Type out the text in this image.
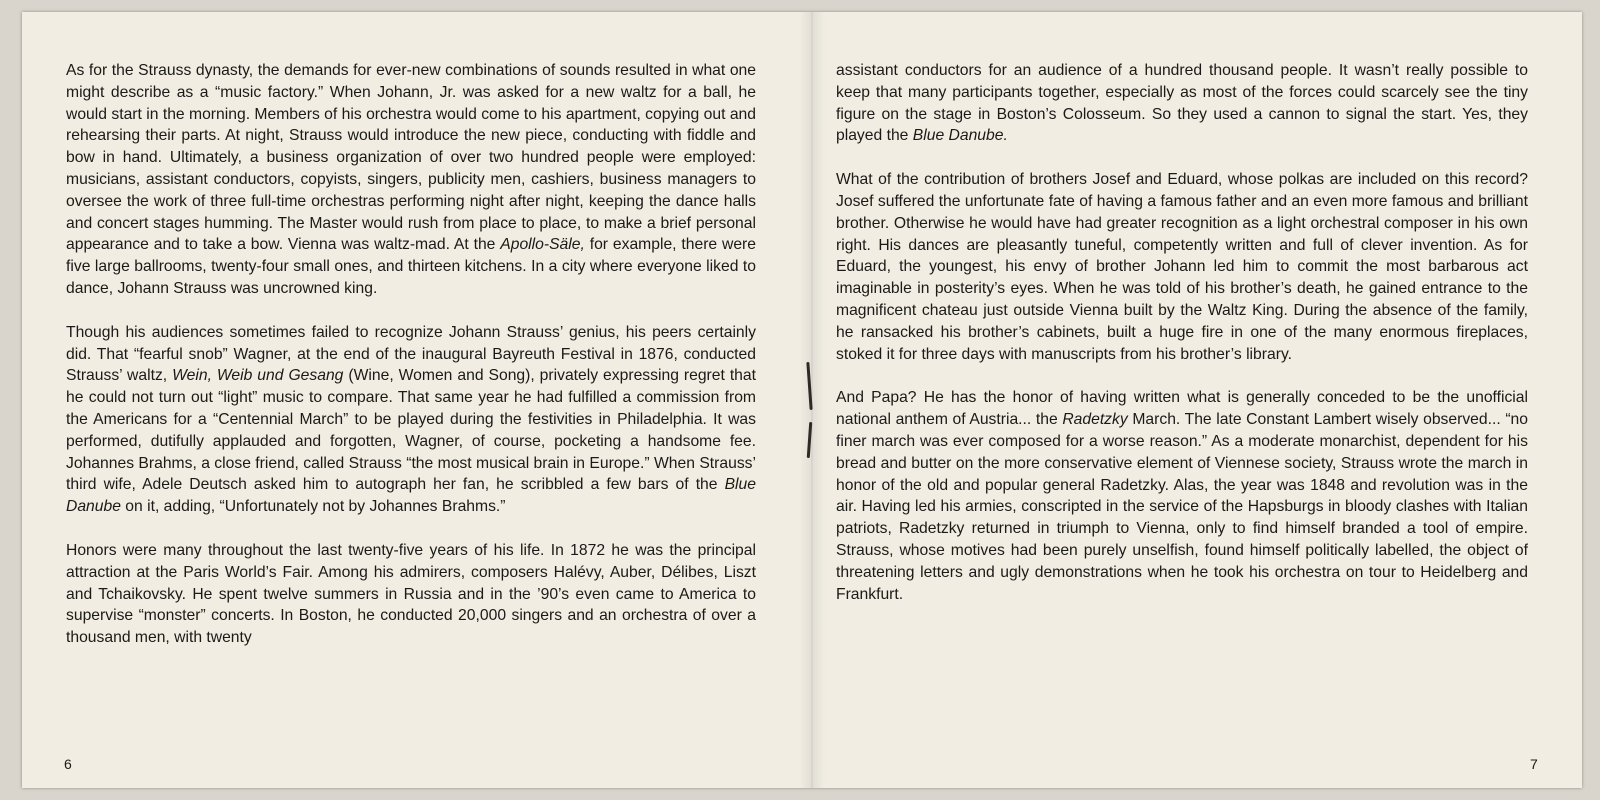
As for the Strauss dynasty, the demands for ever-new combinations of sounds resulted in what one might describe as a “music factory.” When Johann, Jr. was asked for a new waltz for a ball, he would start in the morning. Members of his orchestra would come to his apartment, copying out and rehearsing their parts. At night, Strauss would introduce the new piece, conducting with fiddle and bow in hand. Ultimately, a business organization of over two hundred people were employed: musicians, assistant conductors, copyists, singers, publicity men, cashiers, business managers to oversee the work of three full-time orchestras performing night after night, keeping the dance halls and concert stages humming. The Master would rush from place to place, to make a brief personal appearance and to take a bow. Vienna was waltz-mad. At the Apollo-Säle, for example, there were five large ballrooms, twenty-four small ones, and thirteen kitchens. In a city where everyone liked to dance, Johann Strauss was uncrowned king.

Though his audiences sometimes failed to recognize Johann Strauss’ genius, his peers certainly did. That “fearful snob” Wagner, at the end of the inaugural Bayreuth Festival in 1876, conducted Strauss’ waltz, Wein, Weib und Gesang (Wine, Women and Song), privately expressing regret that he could not turn out “light” music to compare. That same year he had fulfilled a commission from the Americans for a “Centennial March” to be played during the festivities in Philadelphia. It was performed, dutifully applauded and forgotten, Wagner, of course, pocketing a handsome fee. Johannes Brahms, a close friend, called Strauss “the most musical brain in Europe.” When Strauss’ third wife, Adele Deutsch asked him to autograph her fan, he scribbled a few bars of the Blue Danube on it, adding, “Unfortunately not by Johannes Brahms.”

Honors were many throughout the last twenty-five years of his life. In 1872 he was the principal attraction at the Paris World’s Fair. Among his admirers, composers Halévy, Auber, Délibes, Liszt and Tchaikovsky. He spent twelve summers in Russia and in the ’90’s even came to America to supervise “monster” concerts. In Boston, he conducted 20,000 singers and an orchestra of over a thousand men, with twenty

assistant conductors for an audience of a hundred thousand people. It wasn’t really possible to keep that many participants together, especially as most of the forces could scarcely see the tiny figure on the stage in Boston’s Colosseum. So they used a cannon to signal the start. Yes, they played the Blue Danube.

What of the contribution of brothers Josef and Eduard, whose polkas are included on this record? Josef suffered the unfortunate fate of having a famous father and an even more famous and brilliant brother. Otherwise he would have had greater recognition as a light orchestral composer in his own right. His dances are pleasantly tuneful, competently written and full of clever invention. As for Eduard, the youngest, his envy of brother Johann led him to commit the most barbarous act imaginable in posterity’s eyes. When he was told of his brother’s death, he gained entrance to the magnificent chateau just outside Vienna built by the Waltz King. During the absence of the family, he ransacked his brother’s cabinets, built a huge fire in one of the many enormous fireplaces, stoked it for three days with manuscripts from his brother’s library.

And Papa? He has the honor of having written what is generally conceded to be the unofficial national anthem of Austria... the Radetzky March. The late Constant Lambert wisely observed... “no finer march was ever composed for a worse reason.” As a moderate monarchist, dependent for his bread and butter on the more conservative element of Viennese society, Strauss wrote the march in honor of the old and popular general Radetzky. Alas, the year was 1848 and revolution was in the air. Having led his armies, conscripted in the service of the Hapsburgs in bloody clashes with Italian patriots, Radetzky returned in triumph to Vienna, only to find himself branded a tool of empire. Strauss, whose motives had been purely unselfish, found himself politically labelled, the object of threatening letters and ugly demonstrations when he took his orchestra on tour to Heidelberg and Frankfurt.

6	7
